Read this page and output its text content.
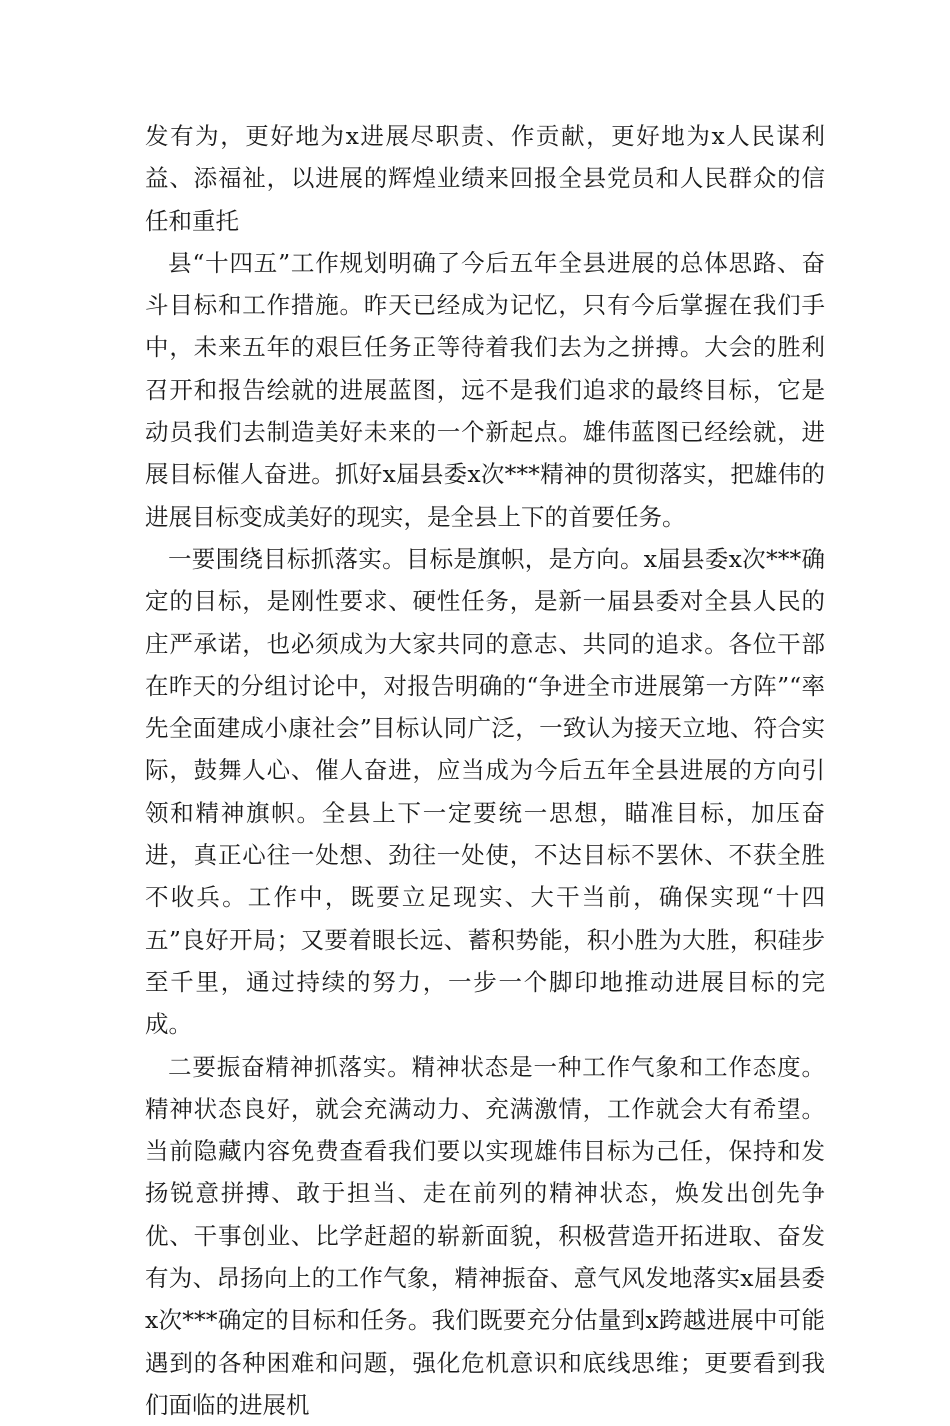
发有为，更好地为x进展尽职责、作贡献，更好地为x人民谋利益、添福祉，以进展的辉煌业绩来回报全县党员和人民群众的信任和重托

县“十四五”工作规划明确了今后五年全县进展的总体思路、奋斗目标和工作措施。昨天已经成为记忆，只有今后掌握在我们手中，未来五年的艰巨任务正等待着我们去为之拼搏。大会的胜利召开和报告绘就的进展蓝图，远不是我们追求的最终目标，它是动员我们去制造美好未来的一个新起点。雄伟蓝图已经绘就，进展目标催人奋进。抓好x届县委x次***精神的贯彻落实，把雄伟的进展目标变成美好的现实，是全县上下的首要任务。

一要围绕目标抓落实。目标是旗帜，是方向。x届县委x次***确定的目标，是刚性要求、硬性任务，是新一届县委对全县人民的庄严承诺，也必须成为大家共同的意志、共同的追求。各位干部在昨天的分组讨论中，对报告明确的“争进全市进展第一方阵”“率先全面建成小康社会”目标认同广泛，一致认为接天立地、符合实际，鼓舞人心、催人奋进，应当成为今后五年全县进展的方向引领和精神旗帜。全县上下一定要统一思想，瞄准目标，加压奋进，真正心往一处想、劲往一处使，不达目标不罢休、不获全胜不收兵。工作中，既要立足现实、大干当前，确保实现“十四五”良好开局；又要着眼长远、蓄积势能，积小胜为大胜，积硅步至千里，通过持续的努力，一步一个脚印地推动进展目标的完成。

二要振奋精神抓落实。精神状态是一种工作气象和工作态度。精神状态良好，就会充满动力、充满激情，工作就会大有希望。当前隐藏内容免费查看我们要以实现雄伟目标为己任，保持和发扬锐意拼搏、敢于担当、走在前列的精神状态，焕发出创先争优、干事创业、比学赶超的崭新面貌，积极营造开拓进取、奋发有为、昂扬向上的工作气象，精神振奋、意气风发地落实x届县委x次***确定的目标和任务。我们既要充分估量到x跨越进展中可能遇到的各种困难和问题，强化危机意识和底线思维；更要看到我们面临的进展机
